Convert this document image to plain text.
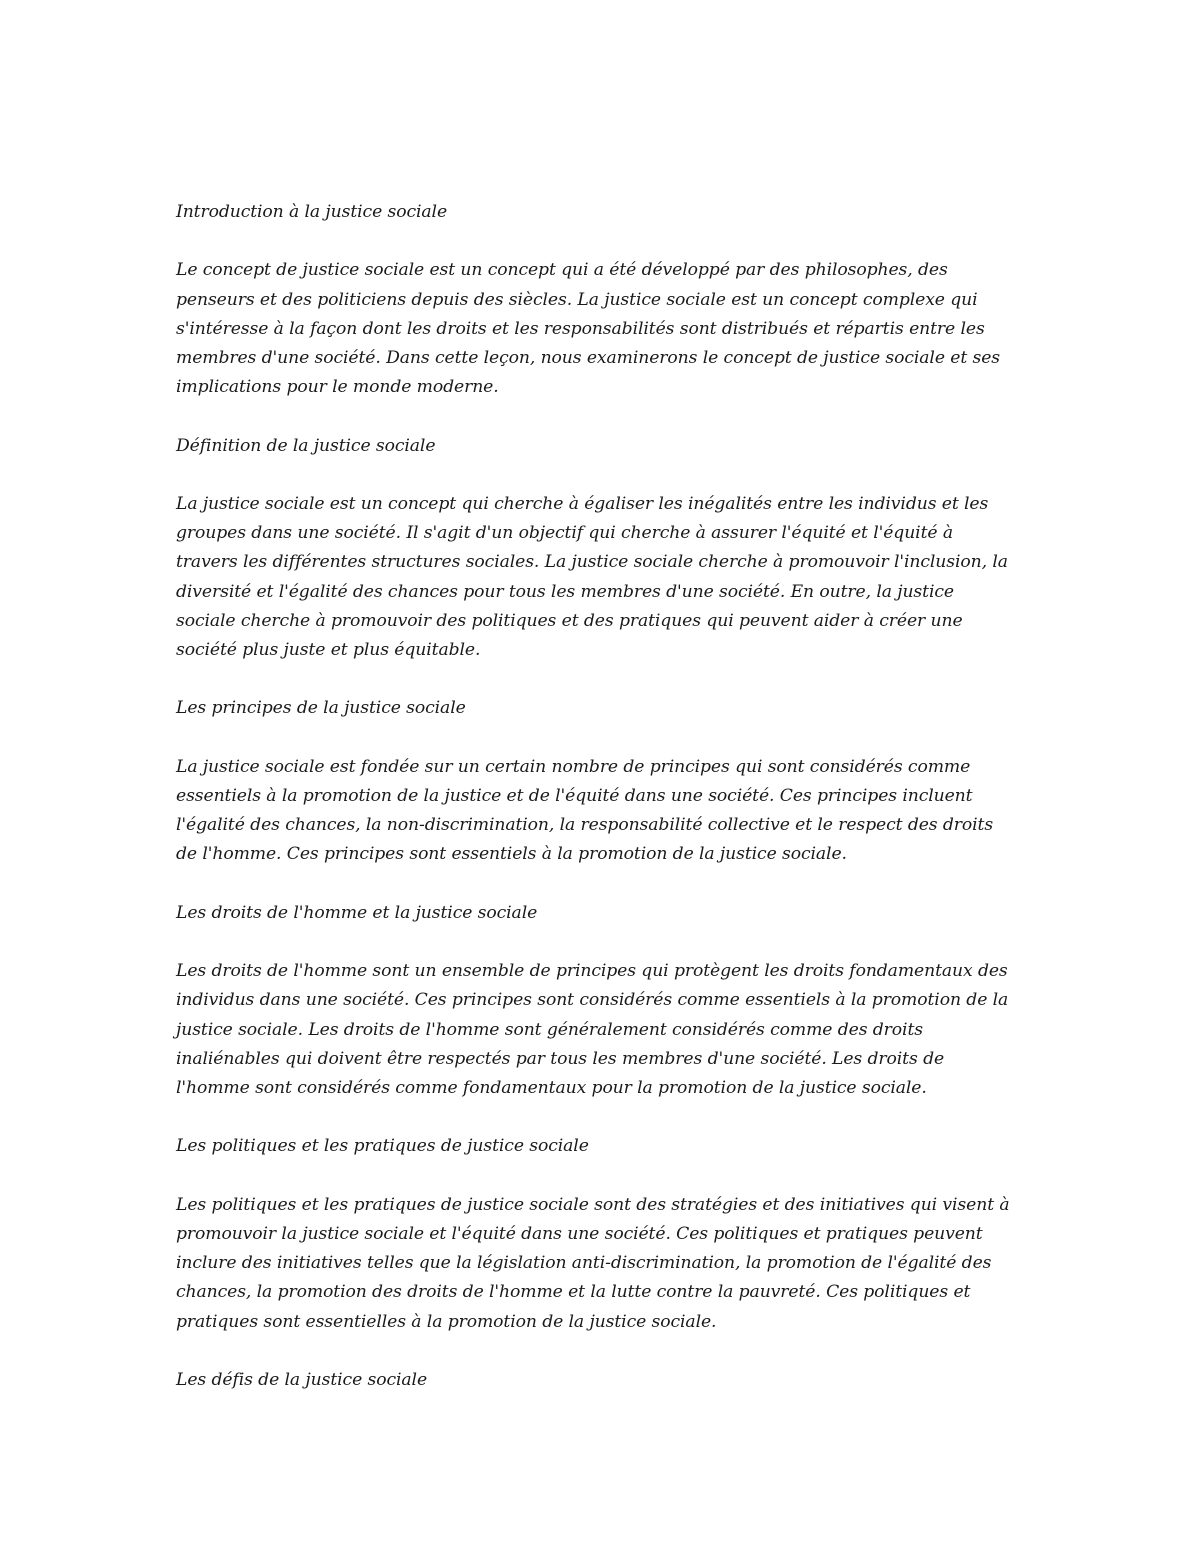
Introduction à la justice sociale
Le concept de justice sociale est un concept qui a été développé par des philosophes, des
penseurs et des politiciens depuis des siècles. La justice sociale est un concept complexe qui
s'intéresse à la façon dont les droits et les responsabilités sont distribués et répartis entre les
membres d'une société. Dans cette leçon, nous examinerons le concept de justice sociale et ses
implications pour le monde moderne.
Définition de la justice sociale
La justice sociale est un concept qui cherche à égaliser les inégalités entre les individus et les
groupes dans une société. Il s'agit d'un objectif qui cherche à assurer l'équité et l'équité à
travers les différentes structures sociales. La justice sociale cherche à promouvoir l'inclusion, la
diversité et l'égalité des chances pour tous les membres d'une société. En outre, la justice
sociale cherche à promouvoir des politiques et des pratiques qui peuvent aider à créer une
société plus juste et plus équitable.
Les principes de la justice sociale
La justice sociale est fondée sur un certain nombre de principes qui sont considérés comme
essentiels à la promotion de la justice et de l'équité dans une société. Ces principes incluent
l'égalité des chances, la non-discrimination, la responsabilité collective et le respect des droits
de l'homme. Ces principes sont essentiels à la promotion de la justice sociale.
Les droits de l'homme et la justice sociale
Les droits de l'homme sont un ensemble de principes qui protègent les droits fondamentaux des
individus dans une société. Ces principes sont considérés comme essentiels à la promotion de la
justice sociale. Les droits de l'homme sont généralement considérés comme des droits
inaliénables qui doivent être respectés par tous les membres d'une société. Les droits de
l'homme sont considérés comme fondamentaux pour la promotion de la justice sociale.
Les politiques et les pratiques de justice sociale
Les politiques et les pratiques de justice sociale sont des stratégies et des initiatives qui visent à
promouvoir la justice sociale et l'équité dans une société. Ces politiques et pratiques peuvent
inclure des initiatives telles que la législation anti-discrimination, la promotion de l'égalité des
chances, la promotion des droits de l'homme et la lutte contre la pauvreté. Ces politiques et
pratiques sont essentielles à la promotion de la justice sociale.
Les défis de la justice sociale
